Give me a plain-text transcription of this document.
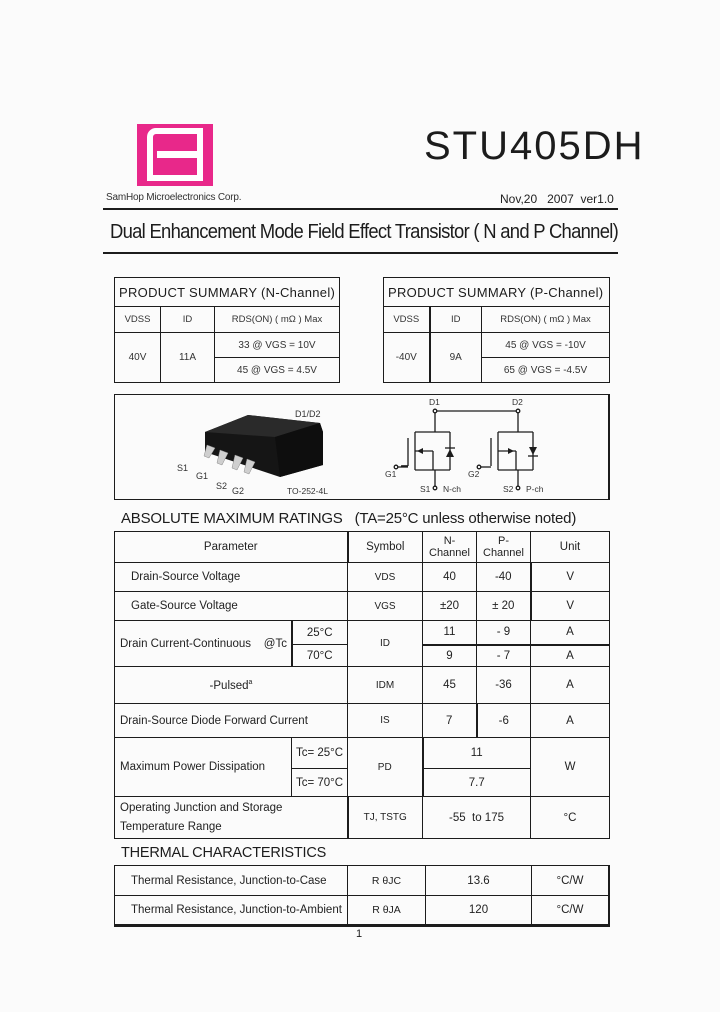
SamHop Microelectronics Corp.
STU405DH
Nov,20   2007  ver1.0
Dual Enhancement Mode Field Effect Transistor ( N and P Channel)
PRODUCT SUMMARY (N-Channel)		
VDSS	ID	RDS(ON) ( mΩ ) Max
40V	11A	33 @ VGS = 10V
		45 @ VGS = 4.5V
PRODUCT SUMMARY (P-Channel)		
VDSS	ID	RDS(ON) ( mΩ ) Max
-40V	9A	45 @ VGS = -10V
		65 @ VGS = -4.5V
D1/D2
S1
G1
S2 G2	TO-252-4L
D1	D2
G1	G2
S1	S2
N-ch	P-ch
ABSOLUTE MAXIMUM RATINGS (TA=25°C unless otherwise noted)
Parameter		Symbol	N-Channel	P-Channel	Unit
Drain-Source Voltage		VDS	40	-40	V
Gate-Source Voltage		VGS	±20	± 20	V
Drain Current-Continuous    @Tc	25°C	ID	11	- 9	A
	70°C		9	- 7	A
-Pulsed$^a$		IDM	45	-36	A
Drain-Source Diode Forward Current		IS	7	-6	A
Maximum Power Dissipation	Tc= 25°C	PD	11		W
	Tc= 70°C		7.7		

Operating Junction and Storage
Temperature Range		TJ, TSTG	-55  to 175		°C
THERMAL CHARACTERISTICS
Thermal Resistance, Junction-to-Case	R θJC	13.6	°C/W
Thermal Resistance, Junction-to-Ambient	R θJA	120	°C/W
1
